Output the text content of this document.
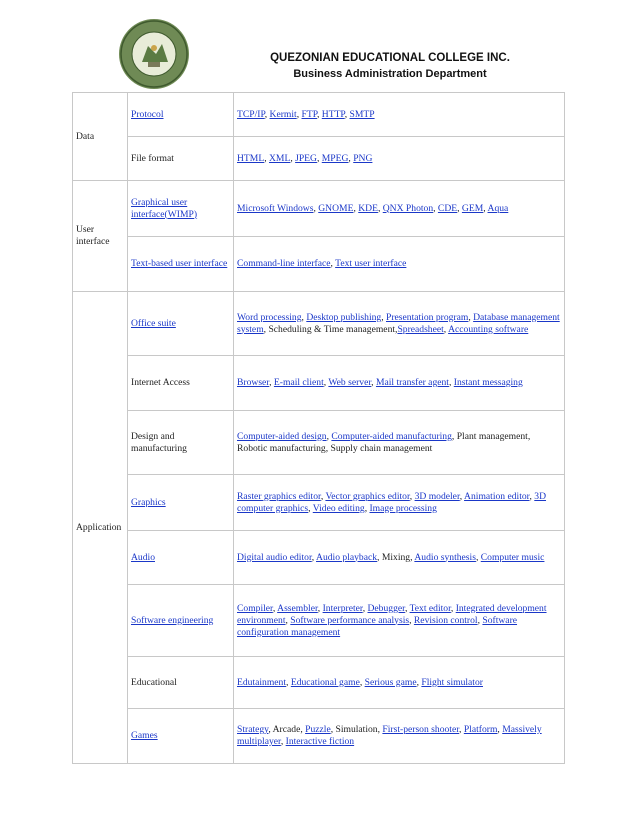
QUEZONIAN EDUCATIONAL COLLEGE INC.
Business Administration Department
Data	Protocol	TCP/IP, Kermit, FTP, HTTP, SMTP
	File format	HTML, XML, JPEG, MPEG, PNG
User interface	Graphical user interface(WIMP)	Microsoft Windows, GNOME, KDE, QNX Photon, CDE, GEM, Aqua
	Text-based user interface	Command-line interface, Text user interface
Application	Office suite	Word processing, Desktop publishing, Presentation program, Database management system, Scheduling & Time management,Spreadsheet, Accounting software
	Internet Access	Browser, E-mail client, Web server, Mail transfer agent, Instant messaging
	Design and manufacturing	Computer-aided design, Computer-aided manufacturing, Plant management, Robotic manufacturing, Supply chain management
	Graphics	Raster graphics editor, Vector graphics editor, 3D modeler, Animation editor, 3D computer graphics, Video editing, Image processing
	Audio	Digital audio editor, Audio playback, Mixing, Audio synthesis, Computer music
	Software engineering	Compiler, Assembler, Interpreter, Debugger, Text editor, Integrated development environment, Software performance analysis, Revision control, Software configuration management
	Educational	Edutainment, Educational game, Serious game, Flight simulator
	Games	Strategy, Arcade, Puzzle, Simulation, First-person shooter, Platform, Massively multiplayer, Interactive fiction
